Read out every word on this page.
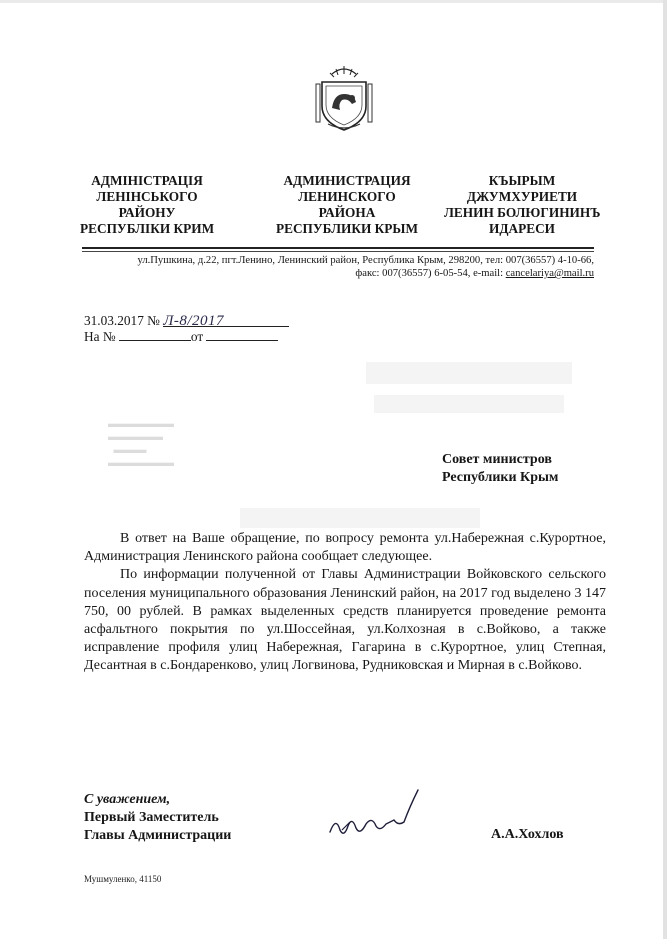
АДМІНІСТРАЦІЯ
ЛЕНІНСЬКОГО
РАЙОНУ
РЕСПУБЛІКИ КРИМ
АДМИНИСТРАЦИЯ
ЛЕНИНСКОГО
РАЙОНА
РЕСПУБЛИКИ КРЫМ
КЪЫРЫМ
ДЖУМХУРИЕТИ
ЛЕНИН БОЛЮГИНИНЪ
ИДАРЕСИ
ул.Пушкина, д.22, пгт.Ленино, Ленинский район, Республика Крым, 298200, тел: 007(36557) 4-10-66,
факс: 007(36557) 6-05-54, e-mail: cancelariya@mail.ru
31.03.2017 № Л-8/2017
На №	от
▬▬▬▬▬▬
▬▬▬▬▬
▬▬▬
▬▬▬▬▬▬	Совет министров
Республики Крым

В ответ на Ваше обращение, по вопросу ремонта ул.Набережная с.Курортное, Администрация Ленинского района сообщает следующее.

По информации полученной от Главы Администрации Войковского сельского поселения муниципального образования Ленинский район, на 2017 год выделено 3 147 750, 00 рублей. В рамках выделенных средств планируется проведение ремонта асфальтного покрытия по ул.Шоссейная, ул.Колхозная в с.Войково, а также исправление профиля улиц Набережная, Гагарина в с.Курортное, улиц Степная, Десантная в с.Бондаренково, улиц Логвинова, Рудниковская и Мирная в с.Войково.

С уважением,
Первый Заместитель
Главы Администрации	А.А.Хохлов
Мушмуленко, 41150
